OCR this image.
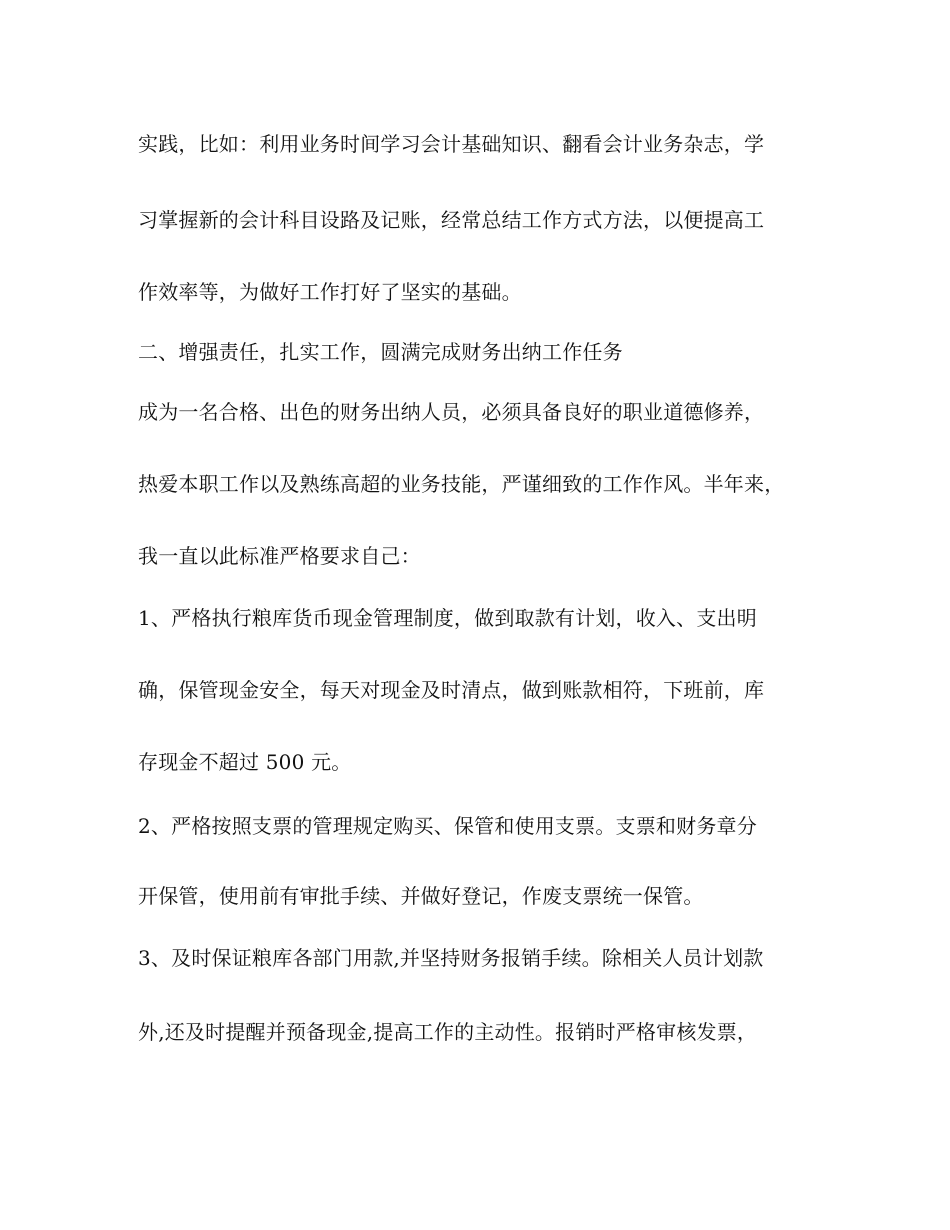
实践，比如：利用业务时间学习会计基础知识、翻看会计业务杂志，学
习掌握新的会计科目设路及记账，经常总结工作方式方法，以便提高工
作效率等，为做好工作打好了坚实的基础。
二、增强责任，扎实工作，圆满完成财务出纳工作任务
成为一名合格、出色的财务出纳人员，必须具备良好的职业道德修养，
热爱本职工作以及熟练高超的业务技能，严谨细致的工作作风。半年来，
我一直以此标准严格要求自己：
1、严格执行粮库货币现金管理制度，做到取款有计划，收入、支出明
确，保管现金安全，每天对现金及时清点，做到账款相符，下班前，库
存现金不超过 500 元。
2、严格按照支票的管理规定购买、保管和使用支票。支票和财务章分
开保管，使用前有审批手续、并做好登记，作废支票统一保管。
3、及时保证粮库各部门用款,并坚持财务报销手续。除相关人员计划款
外,还及时提醒并预备现金,提高工作的主动性。报销时严格审核发票，
